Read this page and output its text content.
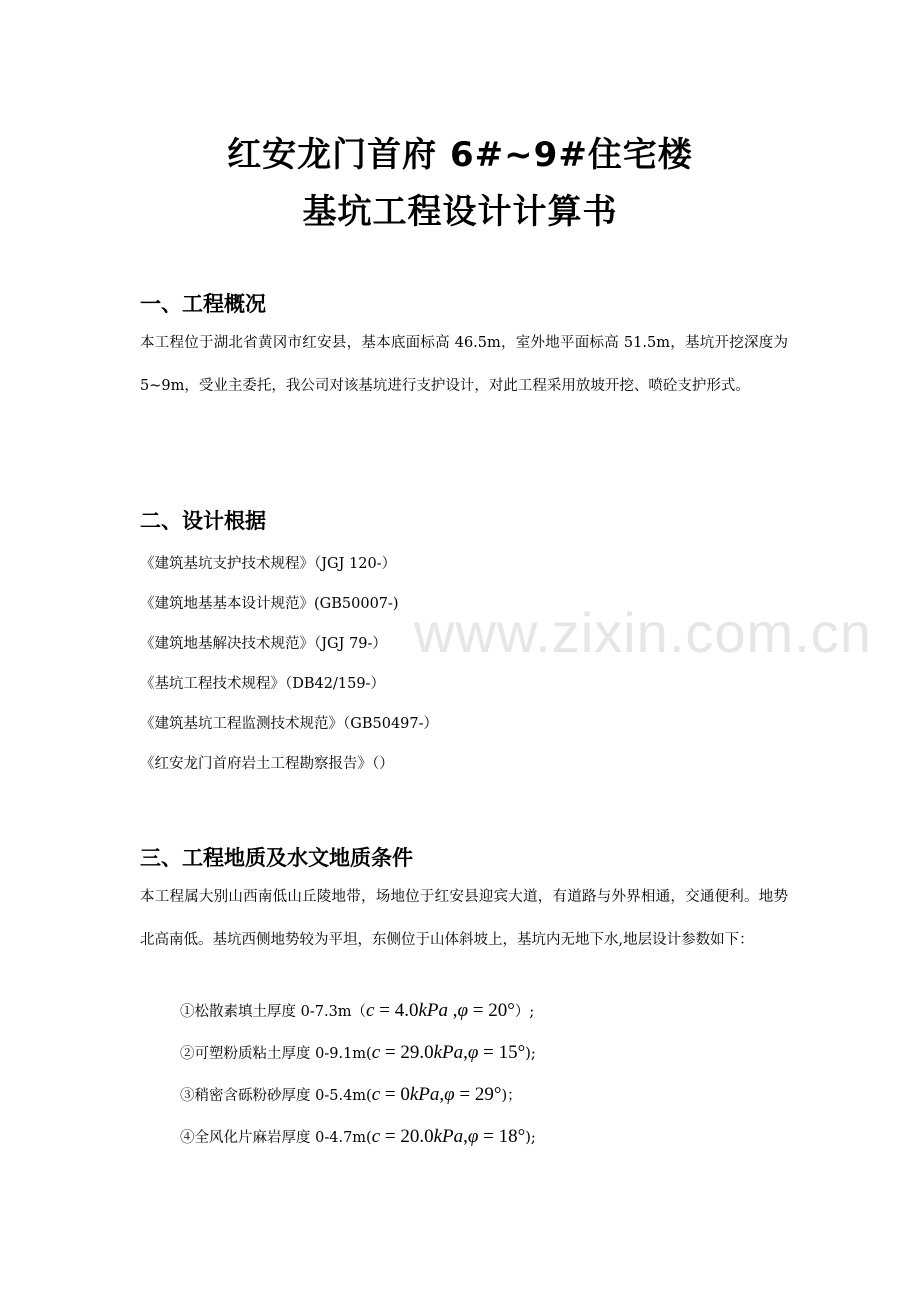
www.zixin.com.cn
红安龙门首府 6#~9#住宅楼
基坑工程设计计算书
一、工程概况
本工程位于湖北省黄冈市红安县，基本底面标高 46.5m，室外地平面标高 51.5m，基坑开挖深度为 5~9m，受业主委托，我公司对该基坑进行支护设计，对此工程采用放坡开挖、喷砼支护形式。
二、设计根据
《建筑基坑支护技术规程》（JGJ 120-）
《建筑地基基本设计规范》(GB50007-)
《建筑地基解决技术规范》（JGJ 79-）
《基坑工程技术规程》（DB42/159-）
《建筑基坑工程监测技术规范》（GB50497-）
《红安龙门首府岩土工程勘察报告》（）
三、工程地质及水文地质条件
本工程属大别山西南低山丘陵地带，场地位于红安县迎宾大道，有道路与外界相通，交通便利。地势北高南低。基坑西侧地势较为平坦，东侧位于山体斜坡上，基坑内无地下水,地层设计参数如下：
①松散素填土厚度 0-7.3m（ c = 4.0kPa ,φ = 20° ）;
②可塑粉质粘土厚度 0-9.1m( c = 29.0kPa,φ = 15° );
③稍密含砾粉砂厚度 0-5.4m( c = 0kPa,φ = 29° )；
④全风化片麻岩厚度 0-4.7m( c = 20.0kPa,φ = 18° );
